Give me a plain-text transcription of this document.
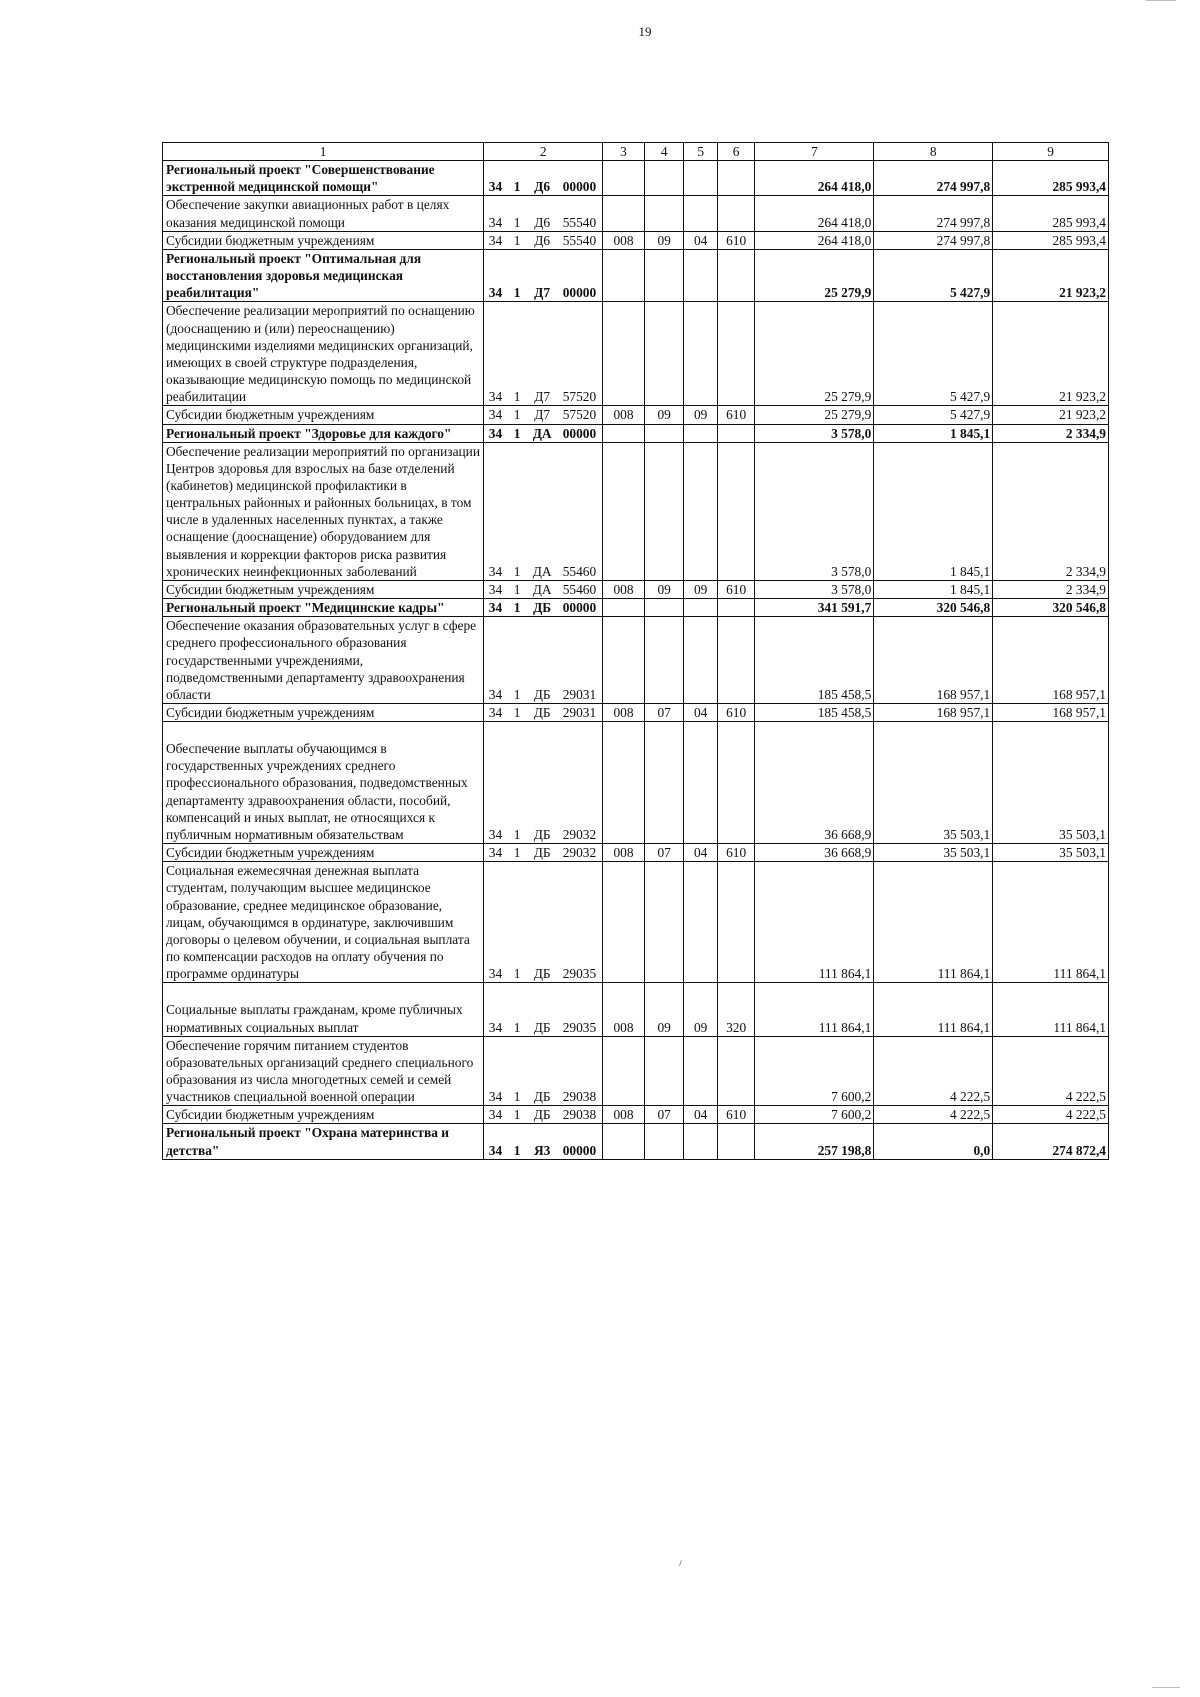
19
1	2				3	4	5	6	7	8	9
Региональный проект "Совершенствование экстренной медицинской помощи"	34	1	Д6	00000					264 418,0	274 997,8	285 993,4
Обеспечение закупки авиационных работ в целях оказания медицинской помощи	34	1	Д6	55540					264 418,0	274 997,8	285 993,4
Субсидии бюджетным учреждениям	34	1	Д6	55540	008	09	04	610	264 418,0	274 997,8	285 993,4
Региональный проект "Оптимальная для восстановления здоровья медицинская реабилитация"	34	1	Д7	00000					25 279,9	5 427,9	21 923,2
Обеспечение реализации мероприятий по оснащению (дооснащению и (или) переоснащению) медицинскими изделиями медицинских организаций, имеющих в своей структуре подразделения, оказывающие медицинскую помощь по медицинской реабилитации	34	1	Д7	57520					25 279,9	5 427,9	21 923,2
Субсидии бюджетным учреждениям	34	1	Д7	57520	008	09	09	610	25 279,9	5 427,9	21 923,2
Региональный проект "Здоровье для каждого"	34	1	ДА	00000					3 578,0	1 845,1	2 334,9
Обеспечение реализации мероприятий по организации Центров здоровья для взрослых на базе отделений (кабинетов) медицинской профилактики в центральных районных и районных больницах, в том числе в удаленных населенных пунктах, а также оснащение (дооснащение) оборудованием для выявления и коррекции факторов риска развития хронических неинфекционных заболеваний	34	1	ДА	55460					3 578,0	1 845,1	2 334,9
Субсидии бюджетным учреждениям	34	1	ДА	55460	008	09	09	610	3 578,0	1 845,1	2 334,9
Региональный проект "Медицинские кадры"	34	1	ДБ	00000					341 591,7	320 546,8	320 546,8
Обеспечение оказания образовательных услуг в сфере среднего профессионального образования государственными учреждениями, подведомственными департаменту здравоохранения области	34	1	ДБ	29031					185 458,5	168 957,1	168 957,1
Субсидии бюджетным учреждениям	34	1	ДБ	29031	008	07	04	610	185 458,5	168 957,1	168 957,1
Обеспечение выплаты обучающимся в государственных учреждениях среднего профессионального образования, подведомственных департаменту здравоохранения области, пособий, компенсаций и иных выплат, не относящихся к публичным нормативным обязательствам	34	1	ДБ	29032					36 668,9	35 503,1	35 503,1
Субсидии бюджетным учреждениям	34	1	ДБ	29032	008	07	04	610	36 668,9	35 503,1	35 503,1
Социальная ежемесячная денежная выплата студентам, получающим высшее медицинское образование, среднее медицинское образование, лицам, обучающимся в ординатуре, заключившим договоры о целевом обучении, и социальная выплата по компенсации расходов на оплату обучения по программе ординатуры	34	1	ДБ	29035					111 864,1	111 864,1	111 864,1
Социальные выплаты гражданам, кроме публичных нормативных социальных выплат	34	1	ДБ	29035	008	09	09	320	111 864,1	111 864,1	111 864,1
Обеспечение горячим питанием студентов образовательных организаций среднего специального образования из числа многодетных семей и семей участников специальной военной операции	34	1	ДБ	29038					7 600,2	4 222,5	4 222,5
Субсидии бюджетным учреждениям	34	1	ДБ	29038	008	07	04	610	7 600,2	4 222,5	4 222,5
Региональный проект "Охрана материнства и детства"	34	1	Я3	00000					257 198,8	0,0	274 872,4
